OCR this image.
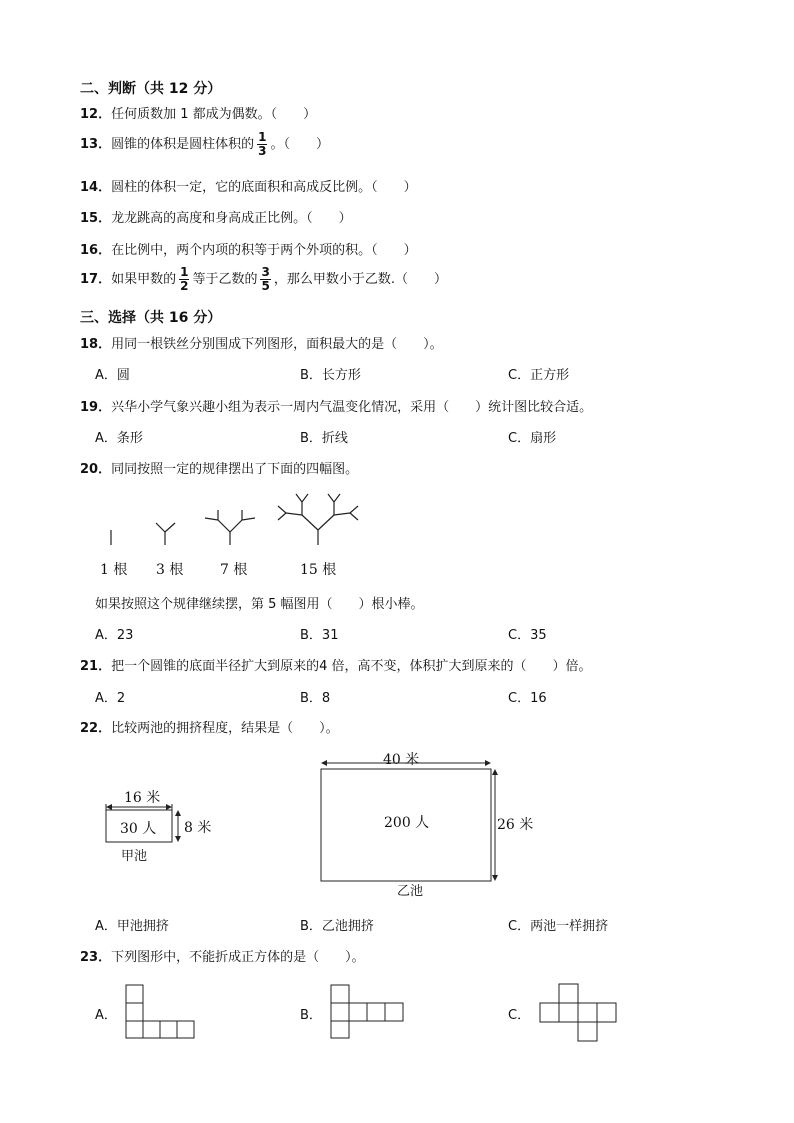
二、判断（共 12 分）
12．任何质数加 1 都成为偶数。（　　）
13．圆锥的体积是圆柱体积的 $\frac{1}{3}$ 。（　　）
14．圆柱的体积一定，它的底面积和高成反比例。（　　）
15．龙龙跳高的高度和身高成正比例。（　　）
16．在比例中，两个内项的积等于两个外项的积。（　　）
17．如果甲数的 $\frac{1}{2}$ 等于乙数的 $\frac{3}{5}$ ，那么甲数小于乙数.（　　）
三、选择（共 16 分）
18．用同一根铁丝分别围成下列图形，面积最大的是（　　）。
A．圆	B．长方形	C．正方形
19．兴华小学气象兴趣小组为表示一周内气温变化情况，采用（　　）统计图比较合适。
A．条形	B．折线	C．扇形
20．同同按照一定的规律摆出了下面的四幅图。
1 根 3 根	7 根	15 根
如果按照这个规律继续摆，第 5 幅图用（　　）根小棒。
A．23	B．31	C．35
21．把一个圆锥的底面半径扩大到原来的4 倍，高不变，体积扩大到原来的（　　）倍。
A．2	B．8	C．16
22．比较两池的拥挤程度，结果是（　　）。
16 米
30 人 8 米
甲池
40 米
200 人	26 米
乙池
A．甲池拥挤	B．乙池拥挤	C．两池一样拥挤
23．下列图形中，不能折成正方体的是（　　）。
A．	B．	C．
